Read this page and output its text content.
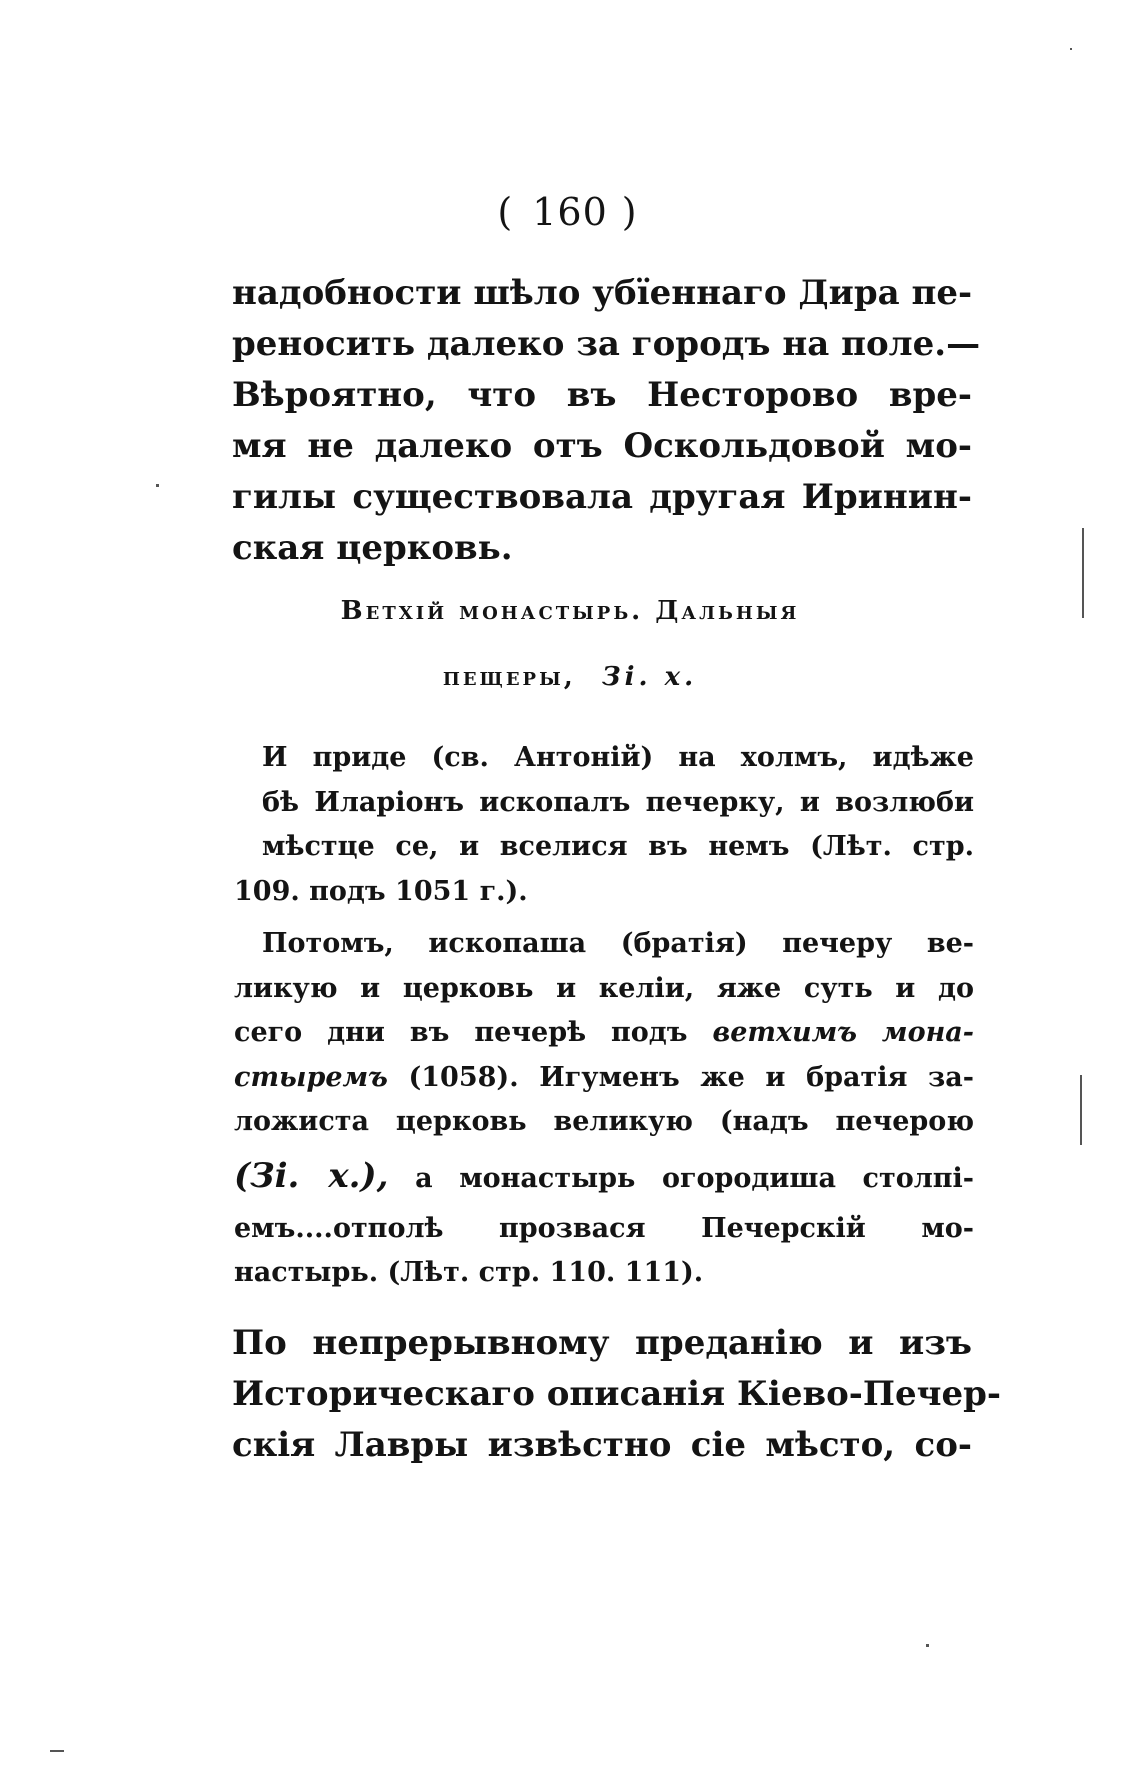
( 160 )
надобности шѣло убїеннаго Дира пе-
реносить далеко за городъ на поле.—
Вѣроятно, что въ Несторово вре-
мя не далеко отъ Оскольдовой мо-
гилы существовала другая Иринин-
ская церковь.
Ветхій монастырь. Дальныя
пещеры, Зі. x.
И приде (св. Антоній) на холмъ, идѣже
бѣ Иларіонъ ископалъ печерку, и возлюби
мѣстце се, и вселися въ немъ (Лѣт. стр.
109. подъ 1051 г.).
Потомъ, ископаша (братія) печеру ве-
ликую и церковь и келіи, яже суть и до
сего дни въ печерѣ подъ ветхимъ мона-
стыремъ (1058). Игуменъ же и братія за-
ложиста церковь великую (надъ печерою
(Зі. x.), а монастырь огородиша столпі-
емъ....отполѣ прозвася Печерскій мо-
настырь. (Лѣт. стр. 110. 111).
По непрерывному преданію и изъ
Историческаго описанія Кіево-Печер-
скія Лавры извѣстно сіе мѣсто, со-
